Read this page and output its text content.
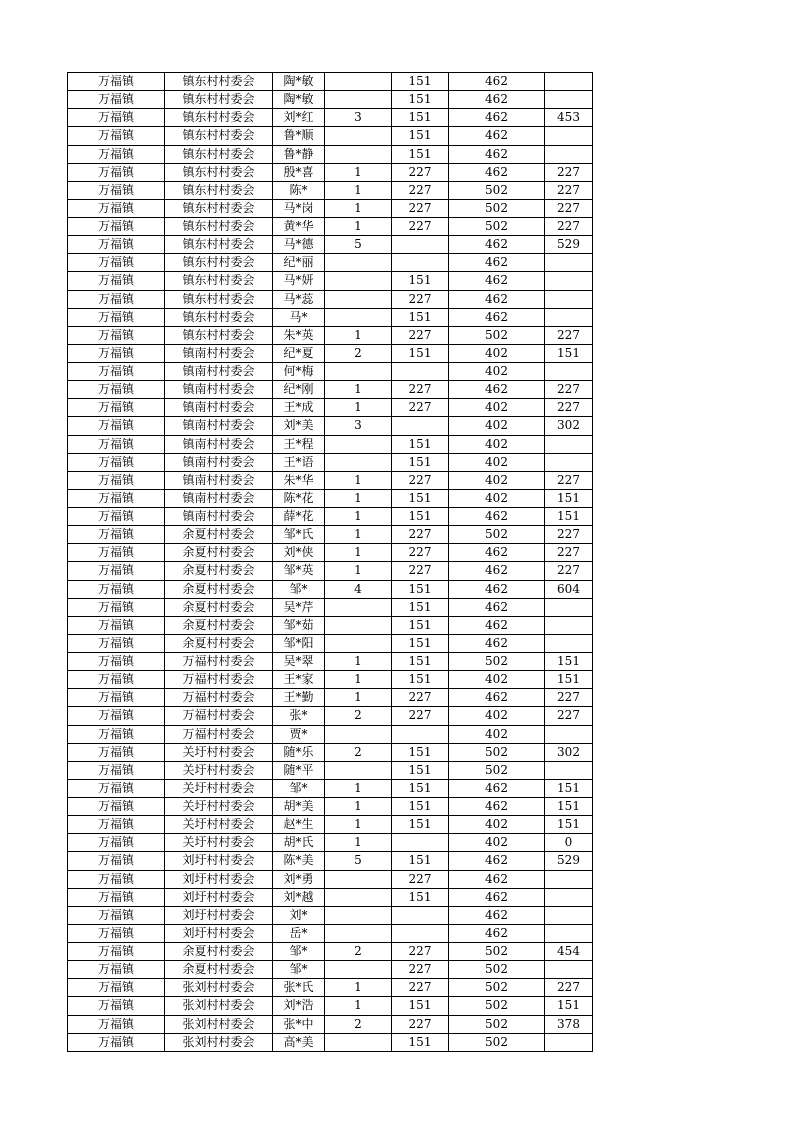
万福镇	镇东村村委会	陶*敏		151	462	
万福镇	镇东村村委会	陶*敏		151	462	
万福镇	镇东村村委会	刘*红	3	151	462	453
万福镇	镇东村村委会	鲁*顺		151	462	
万福镇	镇东村村委会	鲁*静		151	462	
万福镇	镇东村村委会	殷*喜	1	227	462	227
万福镇	镇东村村委会	陈*	1	227	502	227
万福镇	镇东村村委会	马*岗	1	227	502	227
万福镇	镇东村村委会	黄*华	1	227	502	227
万福镇	镇东村村委会	马*德	5		462	529
万福镇	镇东村村委会	纪*丽			462	
万福镇	镇东村村委会	马*妍		151	462	
万福镇	镇东村村委会	马*蕊		227	462	
万福镇	镇东村村委会	马*		151	462	
万福镇	镇东村村委会	朱*英	1	227	502	227
万福镇	镇南村村委会	纪*夏	2	151	402	151
万福镇	镇南村村委会	何*梅			402	
万福镇	镇南村村委会	纪*刚	1	227	462	227
万福镇	镇南村村委会	王*成	1	227	402	227
万福镇	镇南村村委会	刘*美	3		402	302
万福镇	镇南村村委会	王*程		151	402	
万福镇	镇南村村委会	王*语		151	402	
万福镇	镇南村村委会	朱*华	1	227	402	227
万福镇	镇南村村委会	陈*花	1	151	402	151
万福镇	镇南村村委会	薛*花	1	151	462	151
万福镇	余夏村村委会	邹*氏	1	227	502	227
万福镇	余夏村村委会	刘*侠	1	227	462	227
万福镇	余夏村村委会	邹*英	1	227	462	227
万福镇	余夏村村委会	邹*	4	151	462	604
万福镇	余夏村村委会	吴*芹		151	462	
万福镇	余夏村村委会	邹*茹		151	462	
万福镇	余夏村村委会	邹*阳		151	462	
万福镇	万福村村委会	吴*翠	1	151	502	151
万福镇	万福村村委会	王*家	1	151	402	151
万福镇	万福村村委会	王*勤	1	227	462	227
万福镇	万福村村委会	张*	2	227	402	227
万福镇	万福村村委会	贾*			402	
万福镇	关圩村村委会	随*乐	2	151	502	302
万福镇	关圩村村委会	随*平		151	502	
万福镇	关圩村村委会	邹*	1	151	462	151
万福镇	关圩村村委会	胡*美	1	151	462	151
万福镇	关圩村村委会	赵*生	1	151	402	151
万福镇	关圩村村委会	胡*氏	1		402	0
万福镇	刘圩村村委会	陈*美	5	151	462	529
万福镇	刘圩村村委会	刘*勇		227	462	
万福镇	刘圩村村委会	刘*越		151	462	
万福镇	刘圩村村委会	刘*			462	
万福镇	刘圩村村委会	岳*			462	
万福镇	余夏村村委会	邹*	2	227	502	454
万福镇	余夏村村委会	邹*		227	502	
万福镇	张刘村村委会	张*氏	1	227	502	227
万福镇	张刘村村委会	刘*浩	1	151	502	151
万福镇	张刘村村委会	张*中	2	227	502	378
万福镇	张刘村村委会	高*美		151	502	
